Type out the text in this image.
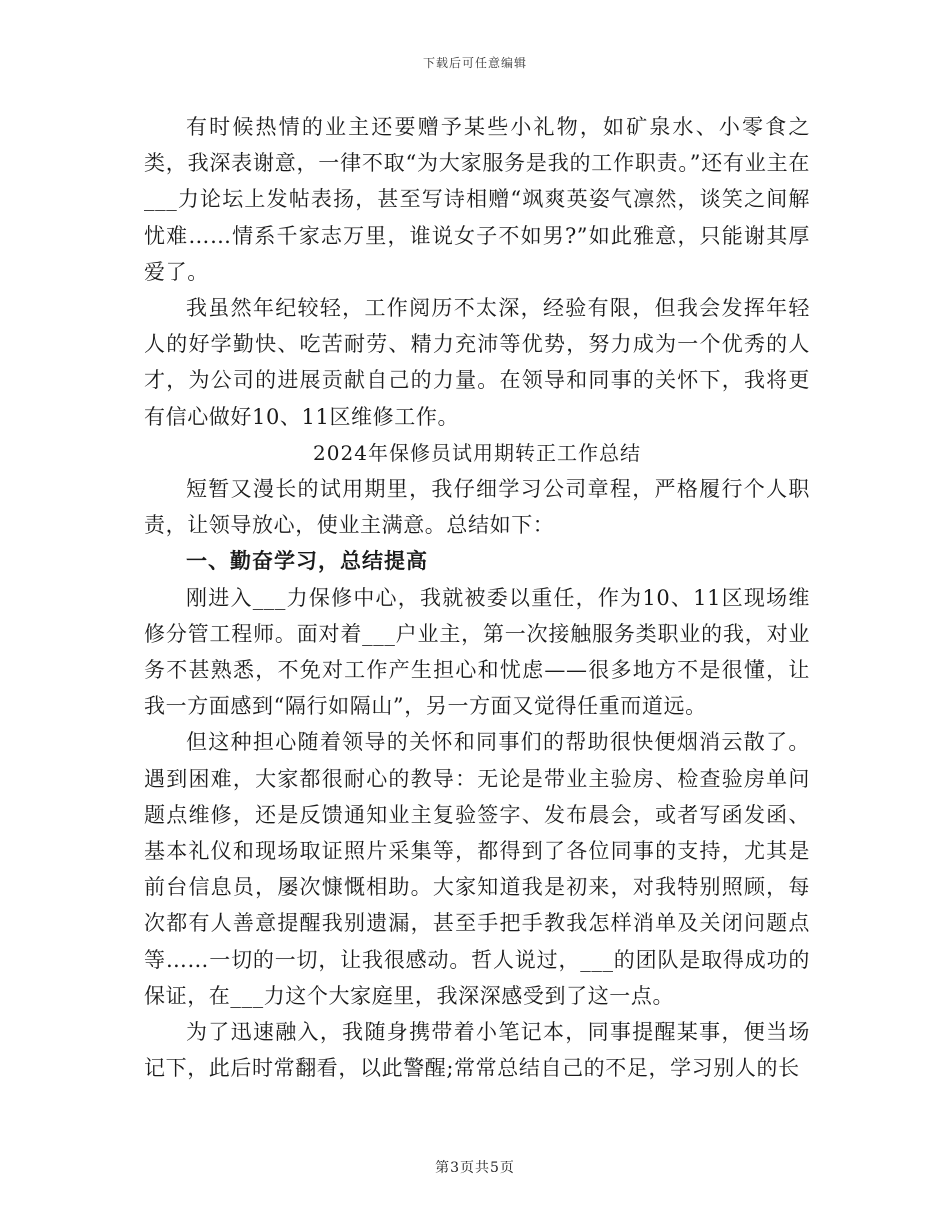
下载后可任意编辑

有时候热情的业主还要赠予某些小礼物，如矿泉水、小零食之类，我深表谢意，一律不取“为大家服务是我的工作职责。”还有业主在___力论坛上发帖表扬，甚至写诗相赠“飒爽英姿气凛然，谈笑之间解忧难……情系千家志万里，谁说女子不如男?”如此雅意，只能谢其厚爱了。

我虽然年纪较轻，工作阅历不太深，经验有限，但我会发挥年轻人的好学勤快、吃苦耐劳、精力充沛等优势，努力成为一个优秀的人才，为公司的进展贡献自己的力量。在领导和同事的关怀下，我将更有信心做好10、11区维修工作。

2024年保修员试用期转正工作总结

短暂又漫长的试用期里，我仔细学习公司章程，严格履行个人职责，让领导放心，使业主满意。总结如下：

一、勤奋学习，总结提高

刚进入___力保修中心，我就被委以重任，作为10、11区现场维修分管工程师。面对着___户业主，第一次接触服务类职业的我，对业务不甚熟悉，不免对工作产生担心和忧虑——很多地方不是很懂，让我一方面感到“隔行如隔山”，另一方面又觉得任重而道远。

但这种担心随着领导的关怀和同事们的帮助很快便烟消云散了。遇到困难，大家都很耐心的教导：无论是带业主验房、检查验房单问题点维修，还是反馈通知业主复验签字、发布晨会，或者写函发函、基本礼仪和现场取证照片采集等，都得到了各位同事的支持，尤其是前台信息员，屡次慷慨相助。大家知道我是初来，对我特别照顾，每次都有人善意提醒我别遗漏，甚至手把手教我怎样消单及关闭问题点等……一切的一切，让我很感动。哲人说过，___的团队是取得成功的保证，在___力这个大家庭里，我深深感受到了这一点。

为了迅速融入，我随身携带着小笔记本，同事提醒某事，便当场记下，此后时常翻看，以此警醒;常常总结自己的不足，学习别人的长

第3页共5页
